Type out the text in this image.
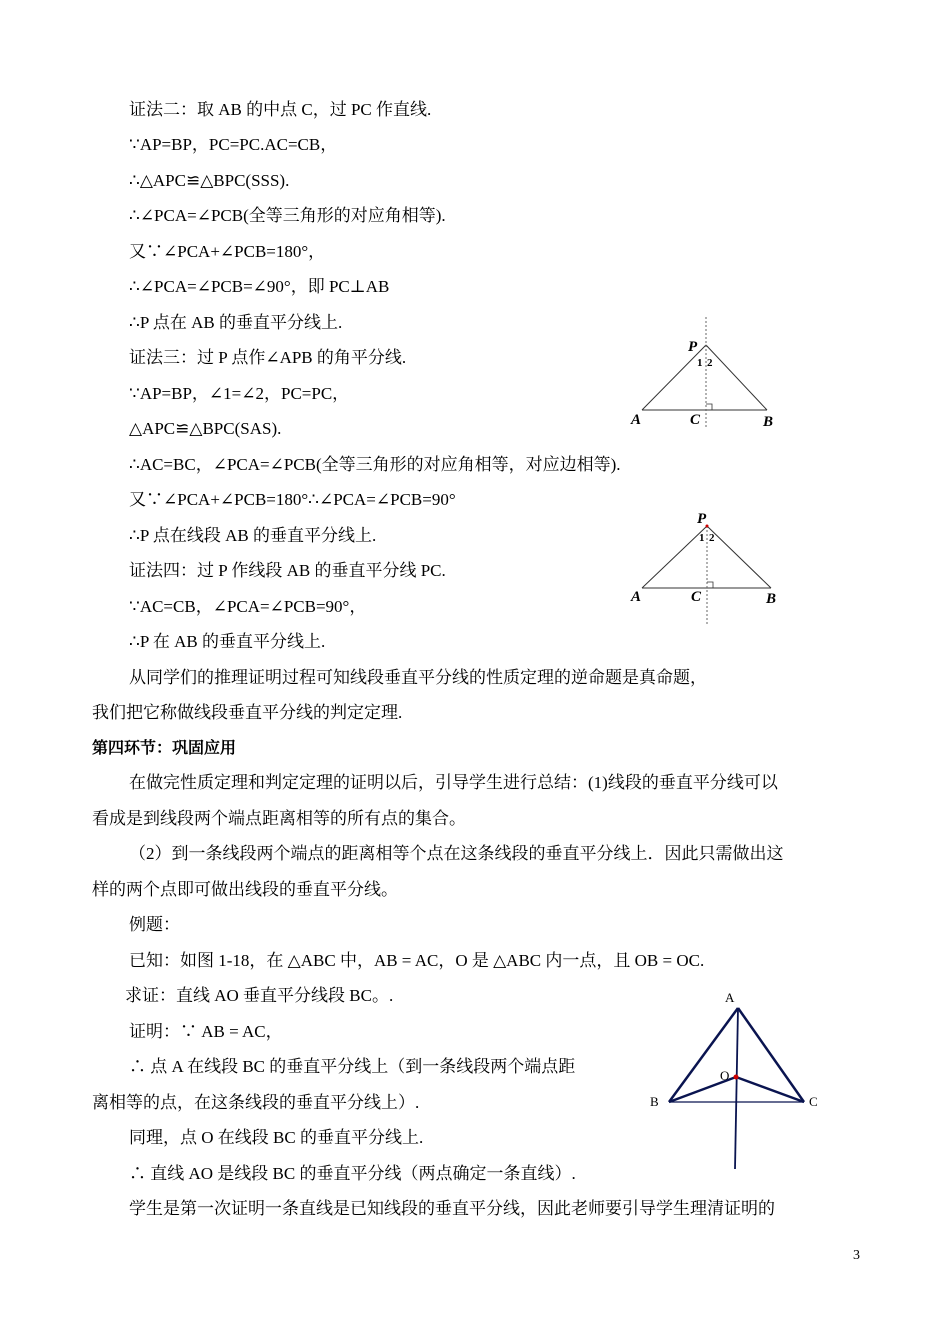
证法二：取 AB 的中点 C，过 PC 作直线.
∵AP=BP，PC=PC.AC=CB，
∴△APC≌△BPC(SSS).
∴∠PCA=∠PCB(全等三角形的对应角相等).
又∵∠PCA+∠PCB=180°，
∴∠PCA=∠PCB=∠90°，即 PC⊥AB
∴P 点在 AB 的垂直平分线上.
证法三：过 P 点作∠APB 的角平分线.
∵AP=BP，∠1=∠2，PC=PC，
△APC≌△BPC(SAS).
∴AC=BC，∠PCA=∠PCB(全等三角形的对应角相等，对应边相等).
又∵∠PCA+∠PCB=180°∴∠PCA=∠PCB=90°
∴P 点在线段 AB 的垂直平分线上.
证法四：过 P 作线段 AB 的垂直平分线 PC.
∵AC=CB，∠PCA=∠PCB=90°，
∴P 在 AB 的垂直平分线上.
从同学们的推理证明过程可知线段垂直平分线的性质定理的逆命题是真命题，
我们把它称做线段垂直平分线的判定定理.
第四环节：巩固应用
在做完性质定理和判定定理的证明以后，引导学生进行总结：(1)线段的垂直平分线可以
看成是到线段两个端点距离相等的所有点的集合。
（2）到一条线段两个端点的距离相等个点在这条线段的垂直平分线上．因此只需做出这
样的两个点即可做出线段的垂直平分线。
例题：
已知：如图 1-18，在 △ABC 中，AB = AC，O 是 △ABC 内一点，且 OB = OC.
求证：直线 AO 垂直平分线段 BC。.
证明：∵ AB = AC，
∴ 点 A 在线段 BC 的垂直平分线上（到一条线段两个端点距
离相等的点，在这条线段的垂直平分线上）.
同理，点 O 在线段 BC 的垂直平分线上.
∴ 直线 AO 是线段 BC 的垂直平分线（两点确定一条直线）.
学生是第一次证明一条直线是已知线段的垂直平分线，因此老师要引导学生理清证明的
P
1 2
A	C	B
P
1 2
A	C	B
A
O
B	C
3
